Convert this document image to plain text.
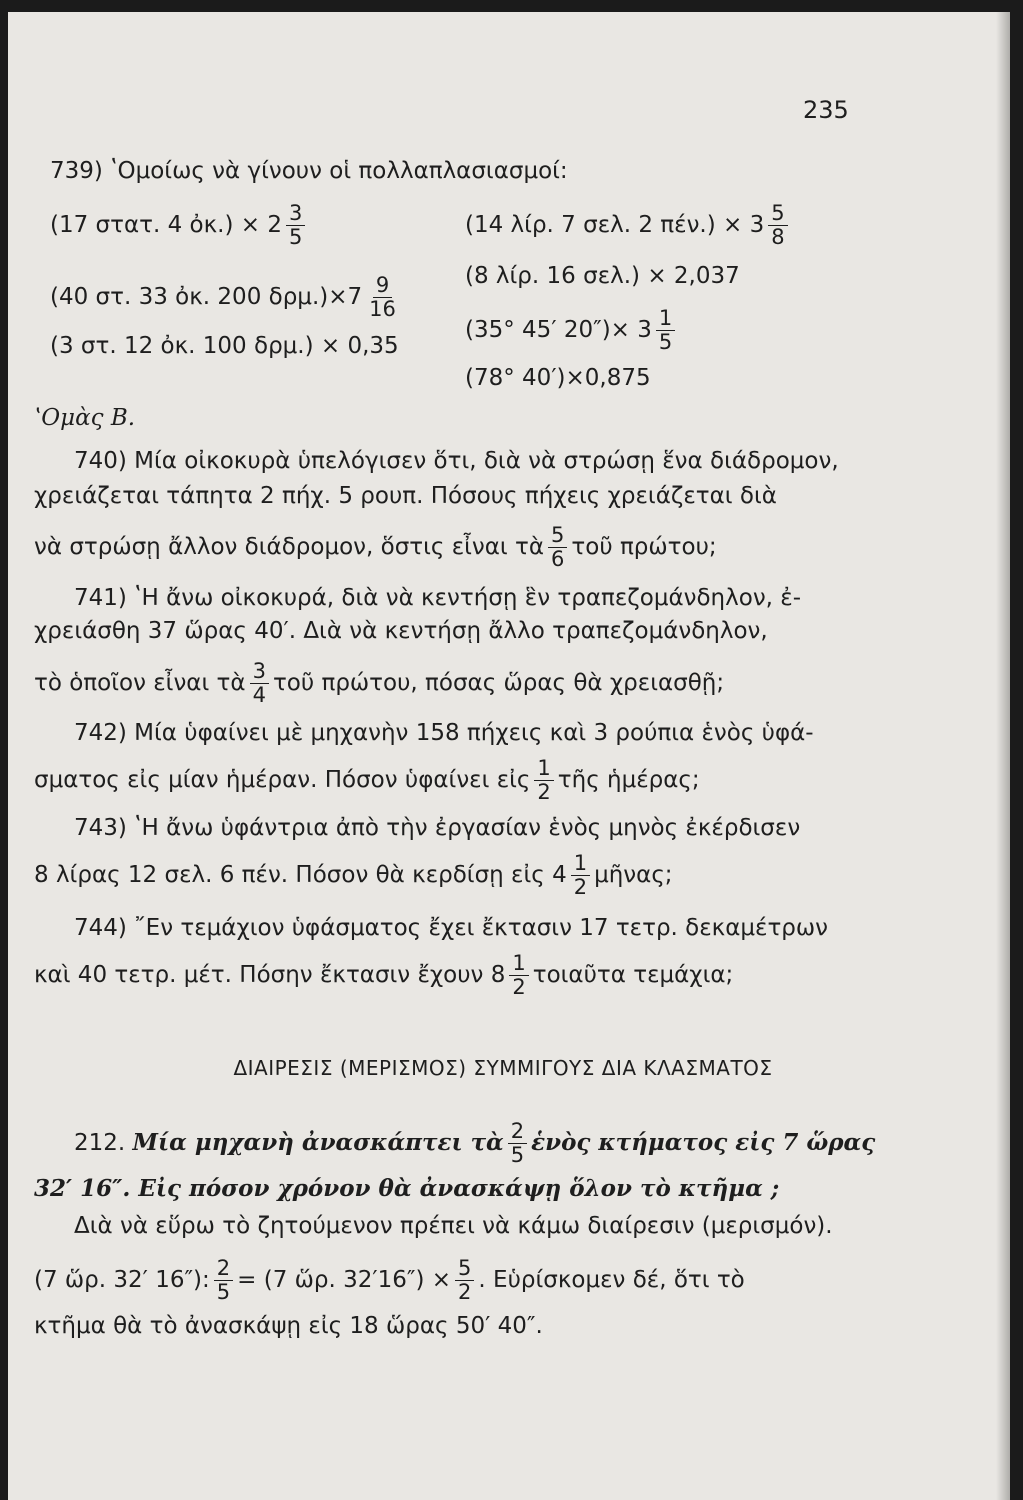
235
739) ʽΟμοίως νὰ γίνουν οἱ πολλαπλασιασμοί:
(17 στατ. 4 ὀκ.) × $2 \frac{3}{5}$	(14 λίρ. 7 σελ. 2 $\pi έ\nu.) \times 3 \frac{5}{8}$
(8 λίρ. 16 σελ.) × 2,037
(40 στ. 33 ὀκ. 200 $\delta\rho\mu.)\times 7 \frac{9}{16}$
(35° 45′ $20'')\times 3 \frac{1}{5}$
(3 στ. 12 ὀκ. 100 δρμ.) × 0,35
(78° 40′)×0,875
ʽΟμὰς Β.
740) Μία οἰκοκυρὰ ὑπελόγισεν ὅτι, διὰ νὰ στρώσῃ ἕνα διάδρομον,
χρειάζεται τάπητα 2 πήχ. 5 ρουπ. Πόσους πήχεις χρειάζεται διὰ
νὰ στρώσῃ ἄλλον διάδρομον, ὅστις εἶναι τὰ $\frac{5}{6}$ τοῦ πρώτου;
741) ʽΗ ἄνω οἰκοκυρά, διὰ νὰ κεντήσῃ ἓν τραπεζομάνδηλον, ἐ-
χρειάσθη 37 ὥρας 40′. Διὰ νὰ κεντήσῃ ἄλλο τραπεζομάνδηλον,
τὸ ὁποῖον εἶναι τὰ $\frac{3}{4}$ τοῦ πρώτου, πόσας ὥρας θὰ χρειασθῇ;
742) Μία ὑφαίνει μὲ μηχανὴν 158 πήχεις καὶ 3 ρούπια ἑνὸς ὑφά-
σματος εἰς μίαν ἡμέραν. Πόσον ὑφαίνει εἰς $\frac{1}{2}$ τῆς ἡμέρας;
743) ʽΗ ἄνω ὑφάντρια ἀπὸ τὴν ἐργασίαν ἑνὸς μηνὸς ἐκέρδισεν
8 λίρας 12 σελ. 6 πέν. Πόσον θὰ κερδίσῃ εἰς $4 \frac{1}{2}$ μῆνας;
744) ῎Εν τεμάχιον ὑφάσματος ἔχει ἔκτασιν 17 τετρ. δεκαμέτρων
καὶ 40 τετρ. μέτ. Πόσην ἔκτασιν ἔχουν $8 \frac{1}{2}$ τοιαῦτα τεμάχια;
ΔΙΑΙΡΕΣΙΣ (ΜΕΡΙΣΜΟΣ) ΣΥΜΜΙΓΟΥΣ ΔΙΑ ΚΛΑΣΜΑΤΟΣ
212. Μία μηχανὴ ἀνασκάπτει τὰ $\frac{2}{5}$ ἑνὸς κτήματος εἰς 7 ὥρας
32′ 16″. Εἰς πόσον χρόνον θὰ ἀνασκάψῃ ὅλον τὸ κτῆμα ;
Διὰ νὰ εὕρω τὸ ζητούμενον πρέπει νὰ κάμω διαίρεσιν (μερισμόν).
(7 ὥρ. 32′ 16″): $\frac{2}{5} = (7$ ὥρ. $32'16'') \times \frac{5}{2}$ . Εὑρίσκομεν δέ, ὅτι τὸ
κτῆμα θὰ τὸ ἀνασκάψῃ εἰς 18 ὥρας 50′ 40″.
